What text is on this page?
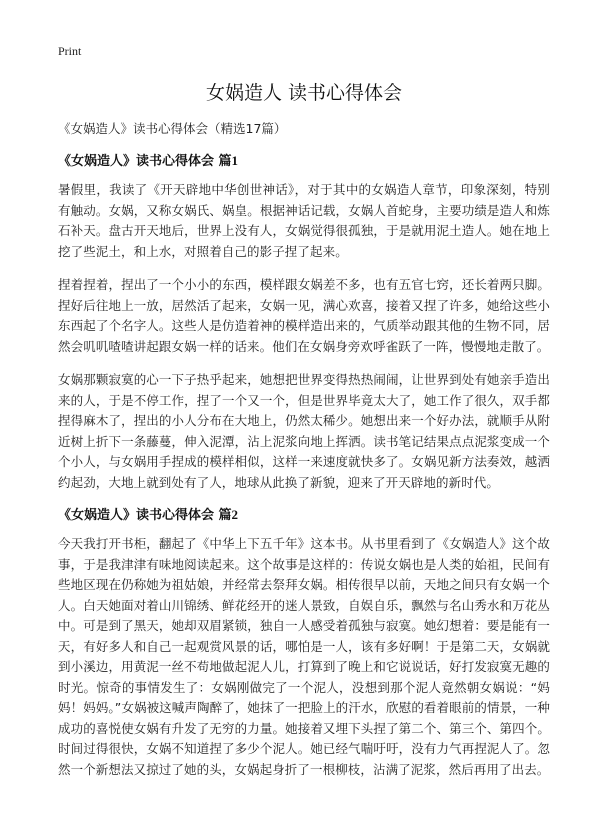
Print
女娲造人 读书心得体会
《女娲造人》读书心得体会（精选17篇）
《女娲造人》读书心得体会 篇1

暑假里，我读了《开天辟地中华创世神话》，对于其中的女娲造人章节，印象深刻，特别有触动。女娲，又称女娲氏、娲皇。根据神话记载，女娲人首蛇身，主要功绩是造人和炼石补天。盘古开天地后，世界上没有人，女娲觉得很孤独，于是就用泥土造人。她在地上挖了些泥土，和上水，对照着自己的影子捏了起来。

捏着捏着，捏出了一个小小的东西，模样跟女娲差不多，也有五官七窍，还长着两只脚。捏好后往地上一放，居然活了起来，女娲一见，满心欢喜，接着又捏了许多，她给这些小东西起了个名字人。这些人是仿造着神的模样造出来的，气质举动跟其他的生物不同，居然会叽叽喳喳讲起跟女娲一样的话来。他们在女娲身旁欢呼雀跃了一阵，慢慢地走散了。

女娲那颗寂寞的心一下子热乎起来，她想把世界变得热热闹闹，让世界到处有她亲手造出来的人，于是不停工作，捏了一个又一个，但是世界毕竟太大了，她工作了很久，双手都捏得麻木了，捏出的小人分布在大地上，仍然太稀少。她想出来一个好办法，就顺手从附近树上折下一条藤蔓，伸入泥潭，沾上泥浆向地上挥洒。读书笔记结果点点泥浆变成一个个小人，与女娲用手捏成的模样相似，这样一来速度就快多了。女娲见新方法奏效，越洒约起劲，大地上就到处有了人，地球从此换了新貌，迎来了开天辟地的新时代。

《女娲造人》读书心得体会 篇2

今天我打开书柜，翻起了《中华上下五千年》这本书。从书里看到了《女娲造人》这个故事，于是我津津有味地阅读起来。这个故事是这样的：传说女娲也是人类的始祖，民间有些地区现在仍称她为祖姑娘，并经常去祭拜女娲。相传很早以前，天地之间只有女娲一个人。白天她面对着山川锦绣、鲜花经开的迷人景致，自娱自乐，飘然与名山秀水和万花丛中。可是到了黑天，她却双眉紧锁，独自一人感受着孤独与寂寞。她幻想着：要是能有一天，有好多人和自己一起观赏风景的话，哪怕是一人，该有多好啊！于是第二天，女娲就到小溪边，用黄泥一丝不苟地做起泥人儿，打算到了晚上和它说说话，好打发寂寞无趣的时光。惊奇的事情发生了：女娲刚做完了一个泥人，没想到那个泥人竟然朝女娲说：“妈妈！妈妈。”女娲被这喊声陶醉了，她抹了一把脸上的汗水，欣慰的看着眼前的情景，一种成功的喜悦使女娲有升发了无穷的力量。她接着又埋下头捏了第二个、第三个、第四个。时间过得很快，女娲不知道捏了多少个泥人。她已经气喘吁吁，没有力气再捏泥人了。忽然一个新想法又掠过了她的头，女娲起身折了一根柳枝，沾满了泥浆，然后再用了出去。
